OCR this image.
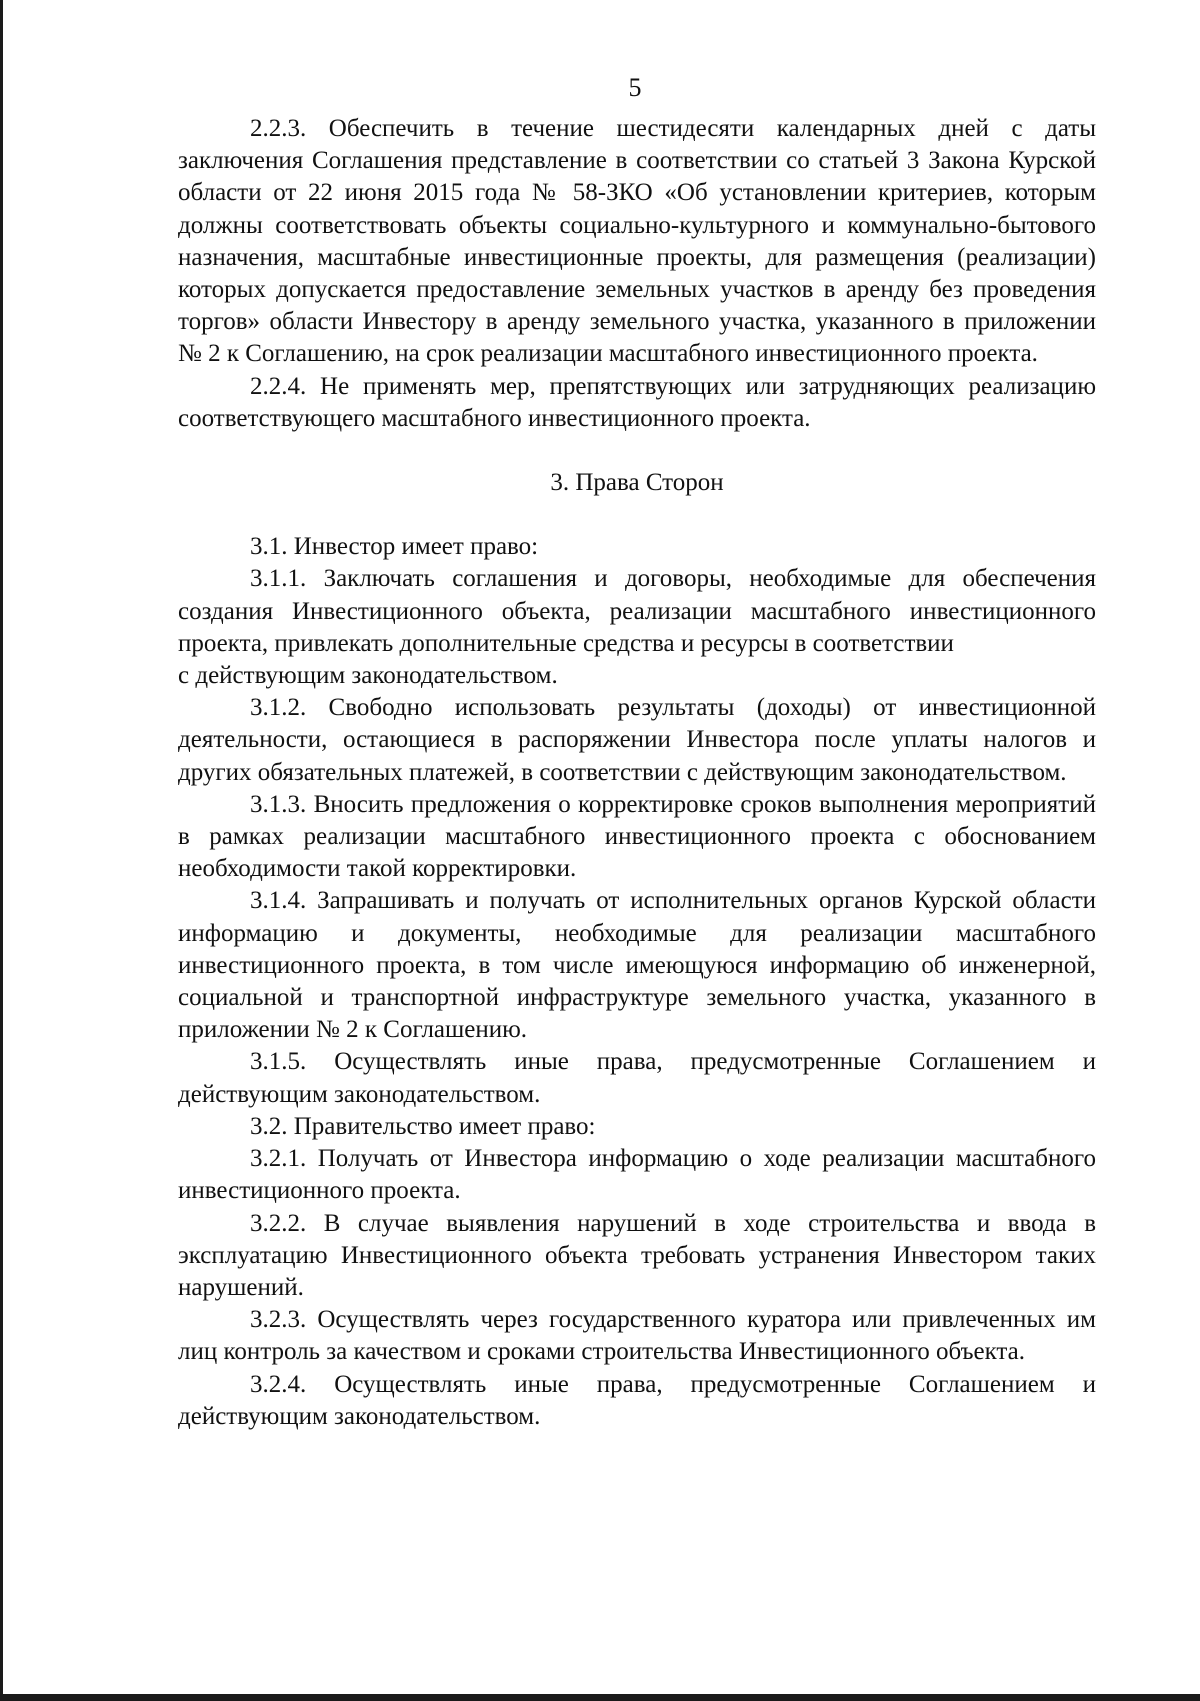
5

2.2.3. Обеспечить в течение шестидесяти календарных дней с даты заключения Соглашения представление в соответствии со статьей 3 Закона Курской области от 22 июня 2015 года № 58-ЗКО «Об установлении критериев, которым должны соответствовать объекты социально-культурного и коммунально-бытового назначения, масштабные инвестиционные проекты, для размещения (реализации) которых допускается предоставление земельных участков в аренду без проведения торгов» области Инвестору в аренду земельного участка, указанного в приложении № 2 к Соглашению, на срок реализации масштабного инвестиционного проекта.

2.2.4. Не применять мер, препятствующих или затрудняющих реализацию соответствующего масштабного инвестиционного проекта.

3. Права Сторон

3.1. Инвестор имеет право:

3.1.1. Заключать соглашения и договоры, необходимые для обеспечения создания Инвестиционного объекта, реализации масштабного инвестиционного проекта, привлекать дополнительные средства и ресурсы в соответствии

с действующим законодательством.

3.1.2. Свободно использовать результаты (доходы) от инвестиционной деятельности, остающиеся в распоряжении Инвестора после уплаты налогов и других обязательных платежей, в соответствии с действующим законодательством.

3.1.3. Вносить предложения о корректировке сроков выполнения мероприятий в рамках реализации масштабного инвестиционного проекта с обоснованием необходимости такой корректировки.

3.1.4. Запрашивать и получать от исполнительных органов Курской области информацию и документы, необходимые для реализации масштабного инвестиционного проекта, в том числе имеющуюся информацию об инженерной, социальной и транспортной инфраструктуре земельного участка, указанного в приложении № 2 к Соглашению.

3.1.5. Осуществлять иные права, предусмотренные Соглашением и действующим законодательством.

3.2. Правительство имеет право:

3.2.1. Получать от Инвестора информацию о ходе реализации масштабного инвестиционного проекта.

3.2.2. В случае выявления нарушений в ходе строительства и ввода в эксплуатацию Инвестиционного объекта требовать устранения Инвестором таких нарушений.

3.2.3. Осуществлять через государственного куратора или привлеченных им лиц контроль за качеством и сроками строительства Инвестиционного объекта.

3.2.4. Осуществлять иные права, предусмотренные Соглашением и действующим законодательством.
